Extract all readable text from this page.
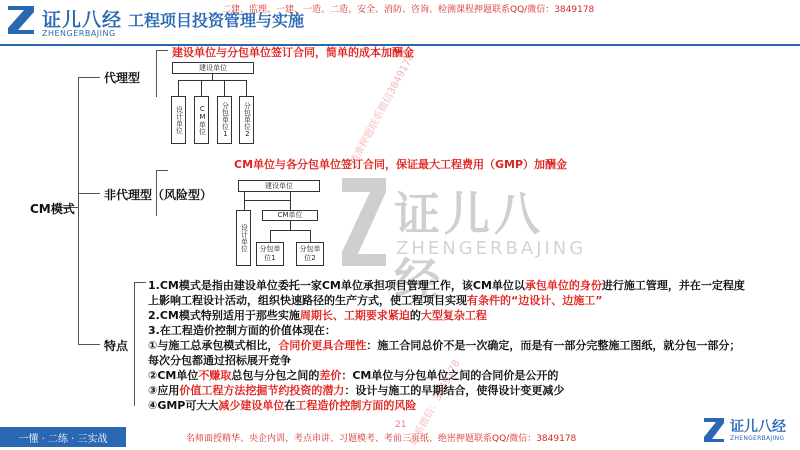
证儿八经
ZHENGERBAJING
工程项目投资管理与实施
二建、监理、一建、一造、二造、安全、消防、咨询、检测课程押题联系QQ/微信：3849178
证儿八经
ZHENGERBAJING
精准押题联系微信3849178
联系微信：3849178
CM模式
代理型
非代理型（风险型）
特点
建设单位与分包单位签订合同，简单的成本加酬金
建设单位
设计单位	CM单位	分包单位1	分包单位2
CM单位与各分包单位签订合同，保证最大工程费用（GMP）加酬金
建设单位
设计单位
CM单位
分包单位1
分包单位2
1.CM模式是指由建设单位委托一家CM单位承担项目管理工作，该CM单位以承包单位的身份进行施工管理，并在一定程度
上影响工程设计活动，组织快速路径的生产方式，使工程项目实现有条件的“边设计、边施工”
2.CM模式特别适用于那些实施周期长、工期要求紧迫的大型复杂工程
3.在工程造价控制方面的价值体现在：
①与施工总承包模式相比，合同价更具合理性：施工合同总价不是一次确定，而是有一部分完整施工图纸，就分包一部分；
每次分包都通过招标展开竞争
②CM单位不赚取总包与分包之间的差价：CM单位与分包单位之间的合同价是公开的
③应用价值工程方法挖掘节约投资的潜力：设计与施工的早期结合，使得设计变更减少
④GMP可大大减少建设单位在工程造价控制方面的风险
一懂 · 二练 · 三实战
21
名师面授精华、央企内训、考点串讲、习题模考、考前三页纸、绝密押题联系QQ/微信：3849178
证儿八经
ZHENGERBAJING
